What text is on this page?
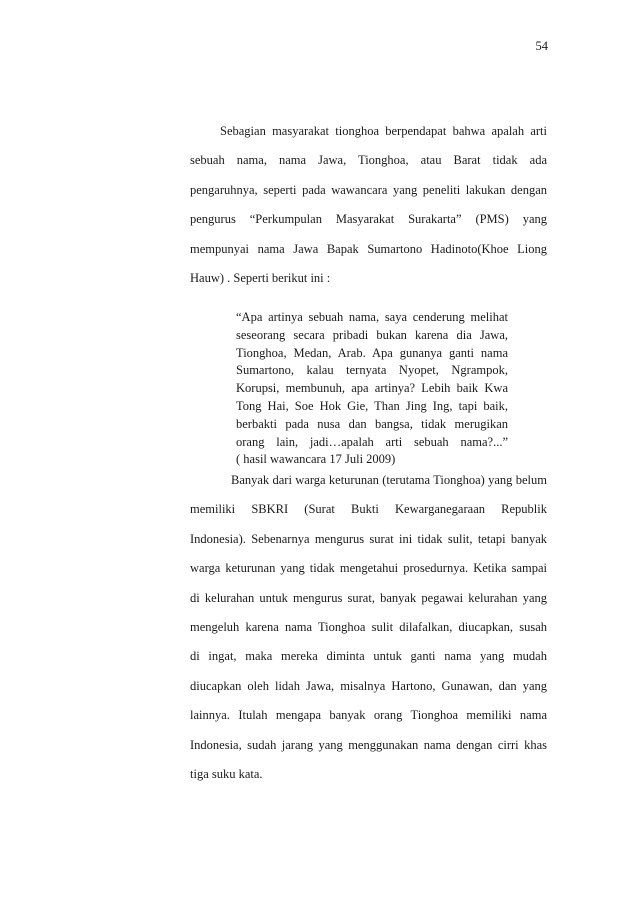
54
Sebagian masyarakat tionghoa berpendapat bahwa apalah arti
sebuah nama, nama Jawa, Tionghoa, atau Barat tidak ada
pengaruhnya, seperti pada wawancara yang peneliti lakukan dengan
pengurus “Perkumpulan Masyarakat Surakarta” (PMS) yang
mempunyai nama Jawa Bapak Sumartono Hadinoto(Khoe Liong
Hauw) . Seperti berikut ini :
“Apa artinya sebuah nama, saya cenderung melihat
seseorang secara pribadi bukan karena dia Jawa,
Tionghoa, Medan, Arab. Apa gunanya ganti nama
Sumartono, kalau ternyata Nyopet, Ngrampok,
Korupsi, membunuh, apa artinya? Lebih baik Kwa
Tong Hai, Soe Hok Gie, Than Jing Ing, tapi baik,
berbakti pada nusa dan bangsa, tidak merugikan
orang lain, jadi…apalah arti sebuah nama?...”
( hasil wawancara 17 Juli 2009)
Banyak dari warga keturunan (terutama Tionghoa) yang belum
memiliki SBKRI (Surat Bukti Kewarganegaraan Republik
Indonesia). Sebenarnya mengurus surat ini tidak sulit, tetapi banyak
warga keturunan yang tidak mengetahui prosedurnya. Ketika sampai
di kelurahan untuk mengurus surat, banyak pegawai kelurahan yang
mengeluh karena nama Tionghoa sulit dilafalkan, diucapkan, susah
di ingat, maka mereka diminta untuk ganti nama yang mudah
diucapkan oleh lidah Jawa, misalnya Hartono, Gunawan, dan yang
lainnya. Itulah mengapa banyak orang Tionghoa memiliki nama
Indonesia, sudah jarang yang menggunakan nama dengan cirri khas
tiga suku kata.
